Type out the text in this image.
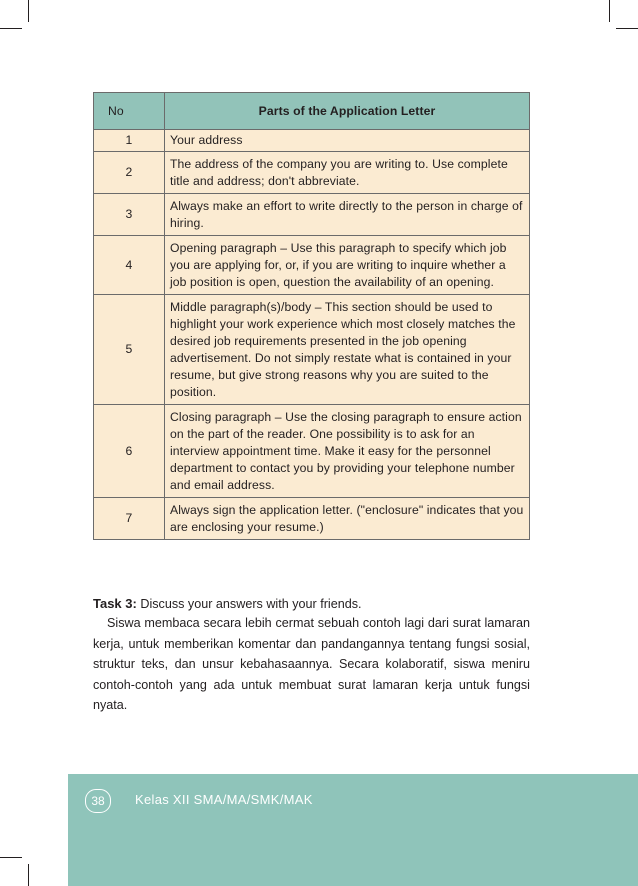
No	Parts of the Application Letter
1	Your address
2	The address of the company you are writing to. Use complete title and address; don't abbreviate.
3	Always make an effort to write directly to the person in charge of hiring.
4	Opening paragraph – Use this paragraph to specify which job you are applying for, or, if you are writing to inquire whether a job position is open, question the availability of an opening.
5	Middle paragraph(s)/body – This section should be used to highlight your work experience which most closely matches the desired job requirements presented in the job opening advertisement. Do not simply restate what is contained in your resume, but give strong reasons why you are suited to the position.
6	Closing paragraph – Use the closing paragraph to ensure action on the part of the reader. One possibility is to ask for an interview appointment time. Make it easy for the personnel department to contact you by providing your telephone number and email address.
7	Always sign the application letter. ("enclosure" indicates that you are enclosing your resume.)
Task 3: Discuss your answers with your friends.

Siswa membaca secara lebih cermat sebuah contoh lagi dari surat lamaran kerja, untuk memberikan komentar dan pandangannya tentang fungsi sosial, struktur teks, dan unsur kebahasaannya. Secara kolaboratif, siswa meniru contoh-contoh yang ada untuk membuat surat lamaran kerja untuk fungsi nyata.

38	Kelas XII SMA/MA/SMK/MAK
